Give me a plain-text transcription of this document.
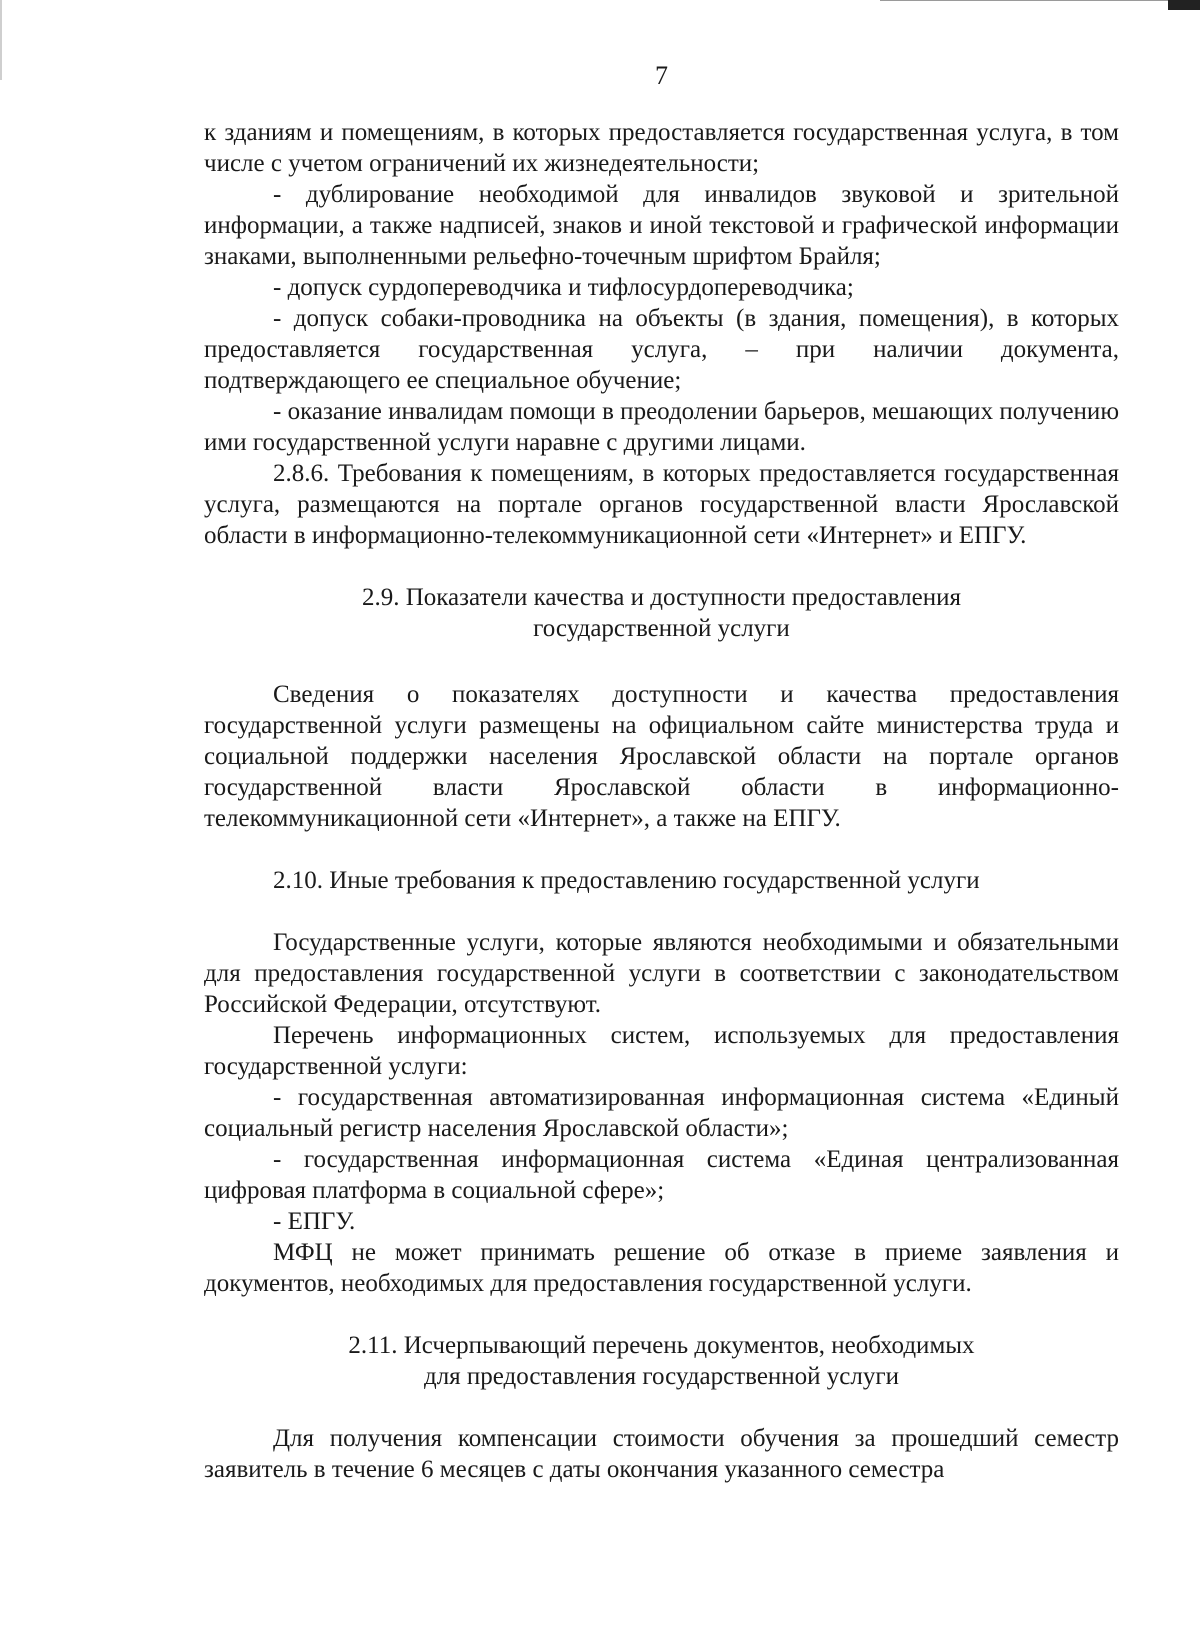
7

к зданиям и помещениям, в которых предоставляется государственная услуга, в том числе с учетом ограничений их жизнедеятельности;

- дублирование необходимой для инвалидов звуковой и зрительной информации, а также надписей, знаков и иной текстовой и графической информации знаками, выполненными рельефно-точечным шрифтом Брайля;

- допуск сурдопереводчика и тифлосурдопереводчика;

- допуск собаки-проводника на объекты (в здания, помещения), в которых предоставляется государственная услуга, – при наличии документа, подтверждающего ее специальное обучение;

- оказание инвалидам помощи в преодолении барьеров, мешающих получению ими государственной услуги наравне с другими лицами.

2.8.6. Требования к помещениям, в которых предоставляется государственная услуга, размещаются на портале органов государственной власти Ярославской области в информационно-телекоммуникационной сети «Интернет» и ЕПГУ.

2.9. Показатели качества и доступности предоставления
государственной услуги

Сведения о показателях доступности и качества предоставления государственной услуги размещены на официальном сайте министерства труда и социальной поддержки населения Ярославской области на портале органов государственной власти Ярославской области в информационно-телекоммуникационной сети «Интернет», а также на ЕПГУ.

2.10. Иные требования к предоставлению государственной услуги

Государственные услуги, которые являются необходимыми и обязательными для предоставления государственной услуги в соответствии с законодательством Российской Федерации, отсутствуют.

Перечень информационных систем, используемых для предоставления государственной услуги:

- государственная автоматизированная информационная система «Единый социальный регистр населения Ярославской области»;

- государственная информационная система «Единая централизованная цифровая платформа в социальной сфере»;

- ЕПГУ.

МФЦ не может принимать решение об отказе в приеме заявления и документов, необходимых для предоставления государственной услуги.

2.11. Исчерпывающий перечень документов, необходимых
для предоставления государственной услуги

Для получения компенсации стоимости обучения за прошедший семестр заявитель в течение 6 месяцев с даты окончания указанного семестра
